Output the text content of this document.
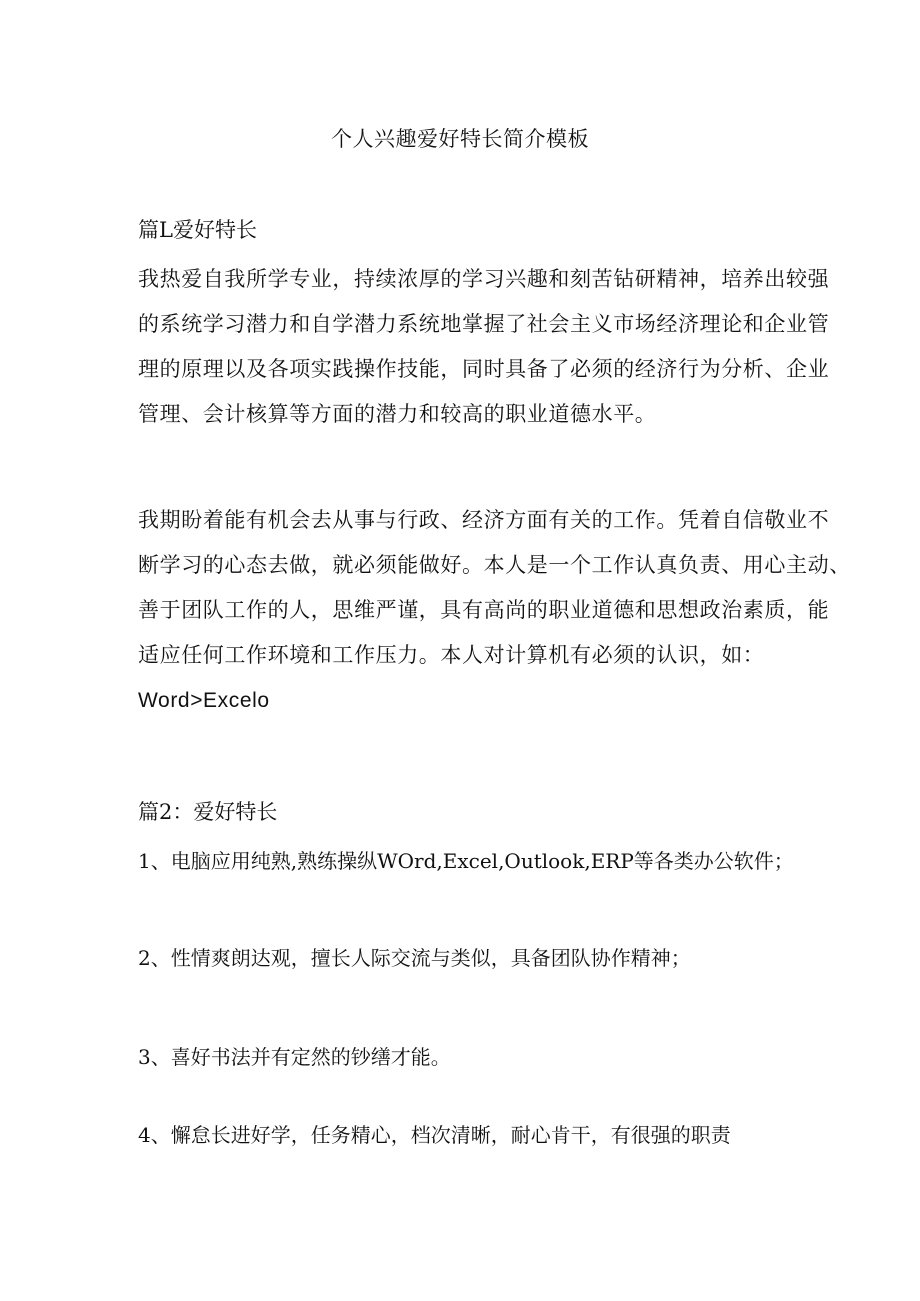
个人兴趣爱好特长简介模板
篇L爱好特长
我热爱自我所学专业，持续浓厚的学习兴趣和刻苦钻研精神，培养出较强
的系统学习潜力和自学潜力系统地掌握了社会主义市场经济理论和企业管
理的原理以及各项实践操作技能，同时具备了必须的经济行为分析、企业
管理、会计核算等方面的潜力和较高的职业道德水平。
我期盼着能有机会去从事与行政、经济方面有关的工作。凭着自信敬业不
断学习的心态去做，就必须能做好。本人是一个工作认真负责、用心主动、
善于团队工作的人，思维严谨，具有高尚的职业道德和思想政治素质，能
适应任何工作环境和工作压力。本人对计算机有必须的认识，如：
Word>Excelo
篇2：爱好特长
1、电脑应用纯熟,熟练操纵WOrd,Excel,Outlook,ERP等各类办公软件；
2、性情爽朗达观，擅长人际交流与类似，具备团队协作精神；
3、喜好书法并有定然的钞缮才能。
4、懈怠长进好学，任务精心，档次清晰，耐心肯干，有很强的职责
